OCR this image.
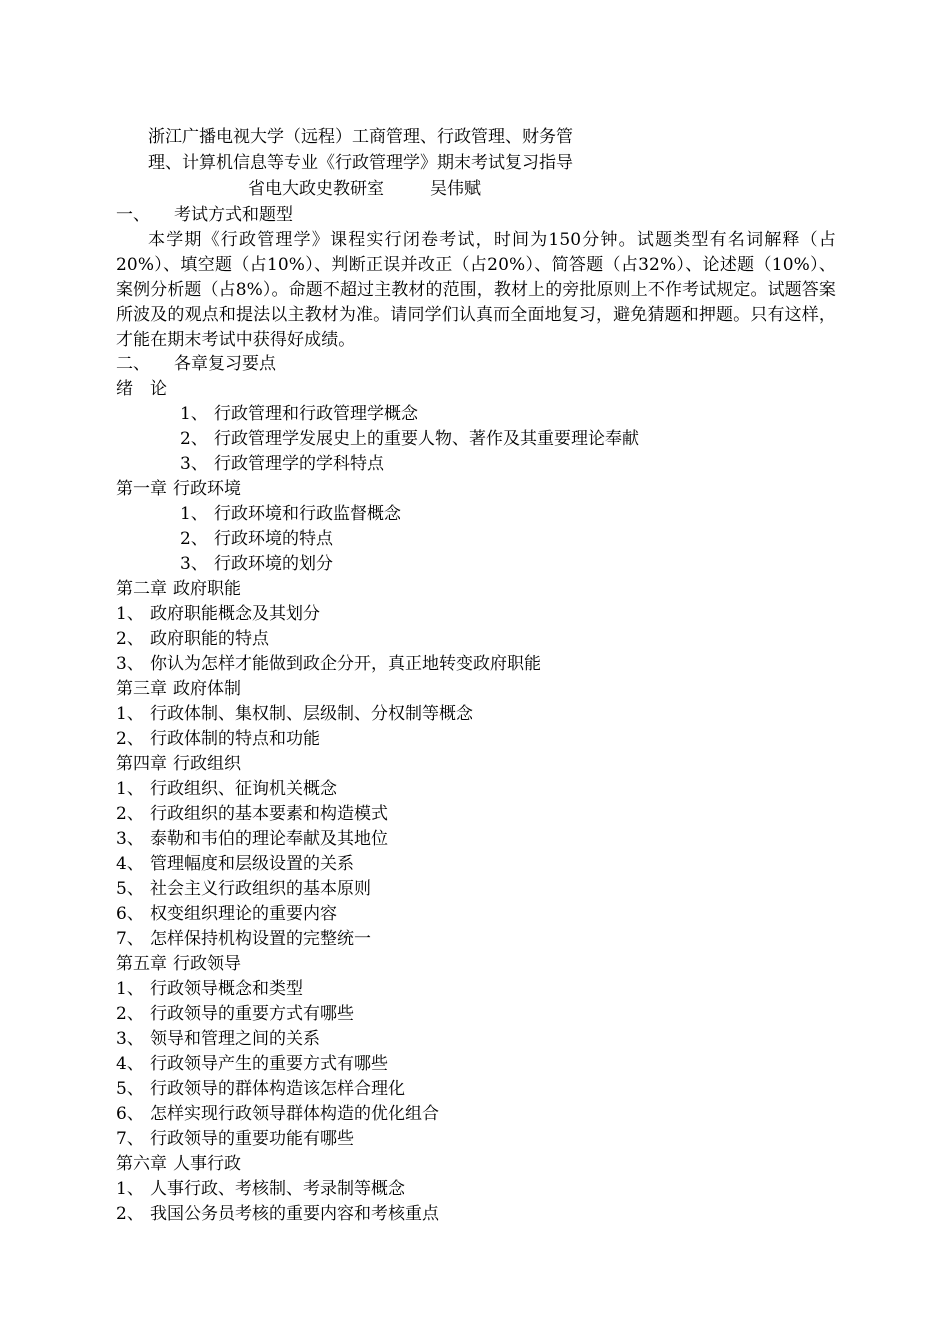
浙江广播电视大学（远程）工商管理、行政管理、财务管
理、计算机信息等专业《行政管理学》期末考试复习指导
省电大政史教研室	吴伟赋
一、 考试方式和题型
本学期《行政管理学》课程实行闭卷考试，时间为150分钟。试题类型有名词解释（占20%）、填空题（占10%）、判断正误并改正（占20%）、简答题（占32%）、论述题（10%）、案例分析题（占8%）。命题不超过主教材的范围，教材上的旁批原则上不作考试规定。试题答案所波及的观点和提法以主教材为准。请同学们认真而全面地复习，避免猜题和押题。只有这样，才能在期末考试中获得好成绩。
二、 各章复习要点
绪　论
1、 行政管理和行政管理学概念
2、 行政管理学发展史上的重要人物、著作及其重要理论奉献
3、 行政管理学的学科特点
第一章 行政环境
1、 行政环境和行政监督概念
2、 行政环境的特点
3、 行政环境的划分
第二章 政府职能
1、 政府职能概念及其划分
2、 政府职能的特点
3、 你认为怎样才能做到政企分开，真正地转变政府职能
第三章 政府体制
1、 行政体制、集权制、层级制、分权制等概念
2、 行政体制的特点和功能
第四章 行政组织
1、 行政组织、征询机关概念
2、 行政组织的基本要素和构造模式
3、 泰勒和韦伯的理论奉献及其地位
4、 管理幅度和层级设置的关系
5、 社会主义行政组织的基本原则
6、 权变组织理论的重要内容
7、 怎样保持机构设置的完整统一
第五章 行政领导
1、 行政领导概念和类型
2、 行政领导的重要方式有哪些
3、 领导和管理之间的关系
4、 行政领导产生的重要方式有哪些
5、 行政领导的群体构造该怎样合理化
6、 怎样实现行政领导群体构造的优化组合
7、 行政领导的重要功能有哪些
第六章 人事行政
1、 人事行政、考核制、考录制等概念
2、 我国公务员考核的重要内容和考核重点
